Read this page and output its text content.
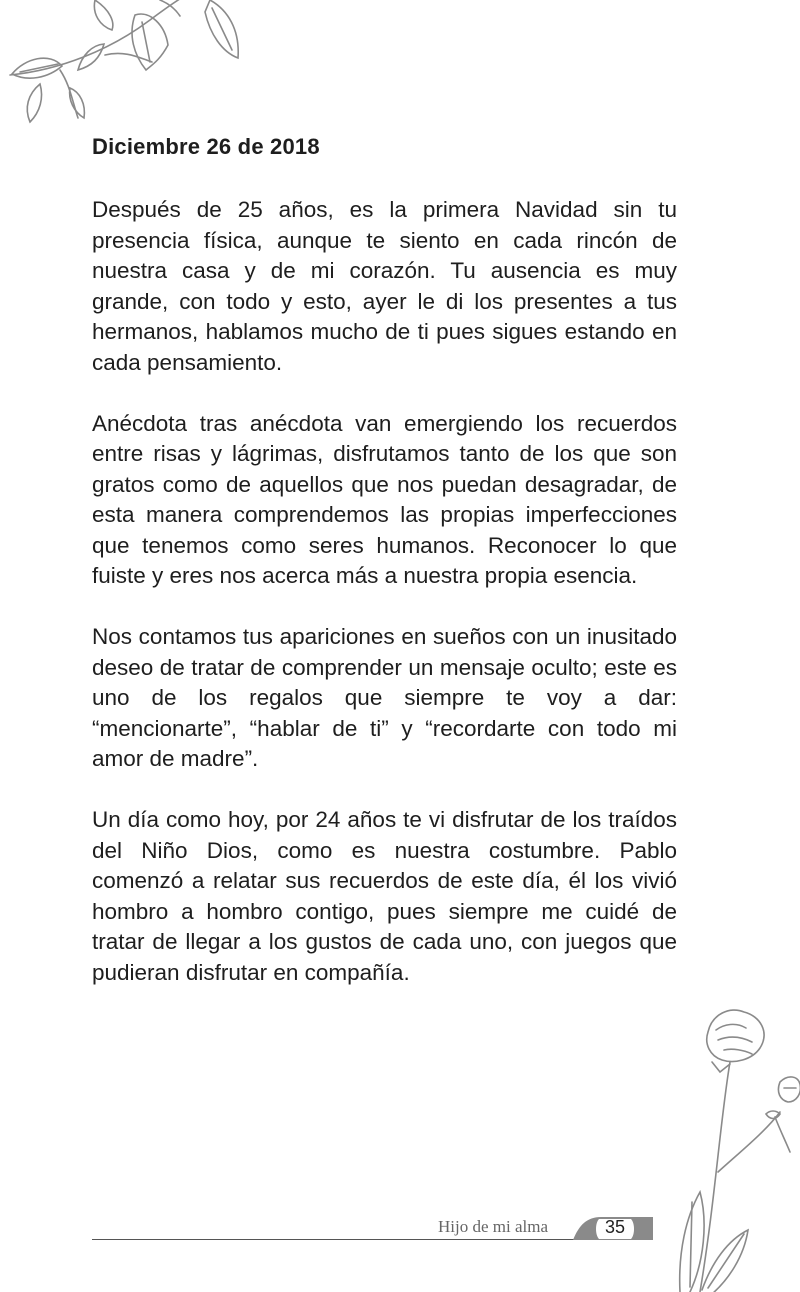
Diciembre 26 de 2018

Después de 25 años, es la primera Navidad sin tu presencia física, aunque te siento en cada rincón de nuestra casa y de mi corazón. Tu ausencia es muy grande, con todo y esto, ayer le di los presentes a tus hermanos, hablamos mucho de ti pues sigues estando en cada pensamiento.

Anécdota tras anécdota van emergiendo los recuerdos entre risas y lágrimas, disfrutamos tanto de los que son gratos como de aquellos que nos puedan desagradar, de esta manera comprendemos las propias imperfecciones que tenemos como seres humanos. Reconocer lo que fuiste y eres nos acerca más a nuestra propia esencia.

Nos contamos tus apariciones en sueños con un inusitado deseo de tratar de comprender un mensaje oculto; este es uno de los regalos que siempre te voy a dar: “mencionarte”, “hablar de ti” y “recordarte con todo mi amor de madre”.

Un día como hoy, por 24 años te vi disfrutar de los traídos del Niño Dios, como es nuestra costumbre. Pablo comenzó a relatar sus recuerdos de este día, él los vivió hombro a hombro contigo, pues siempre me cuidé de tratar de llegar a los gustos de cada uno, con juegos que pudieran disfrutar en compañía.

Hijo de mi alma	35
